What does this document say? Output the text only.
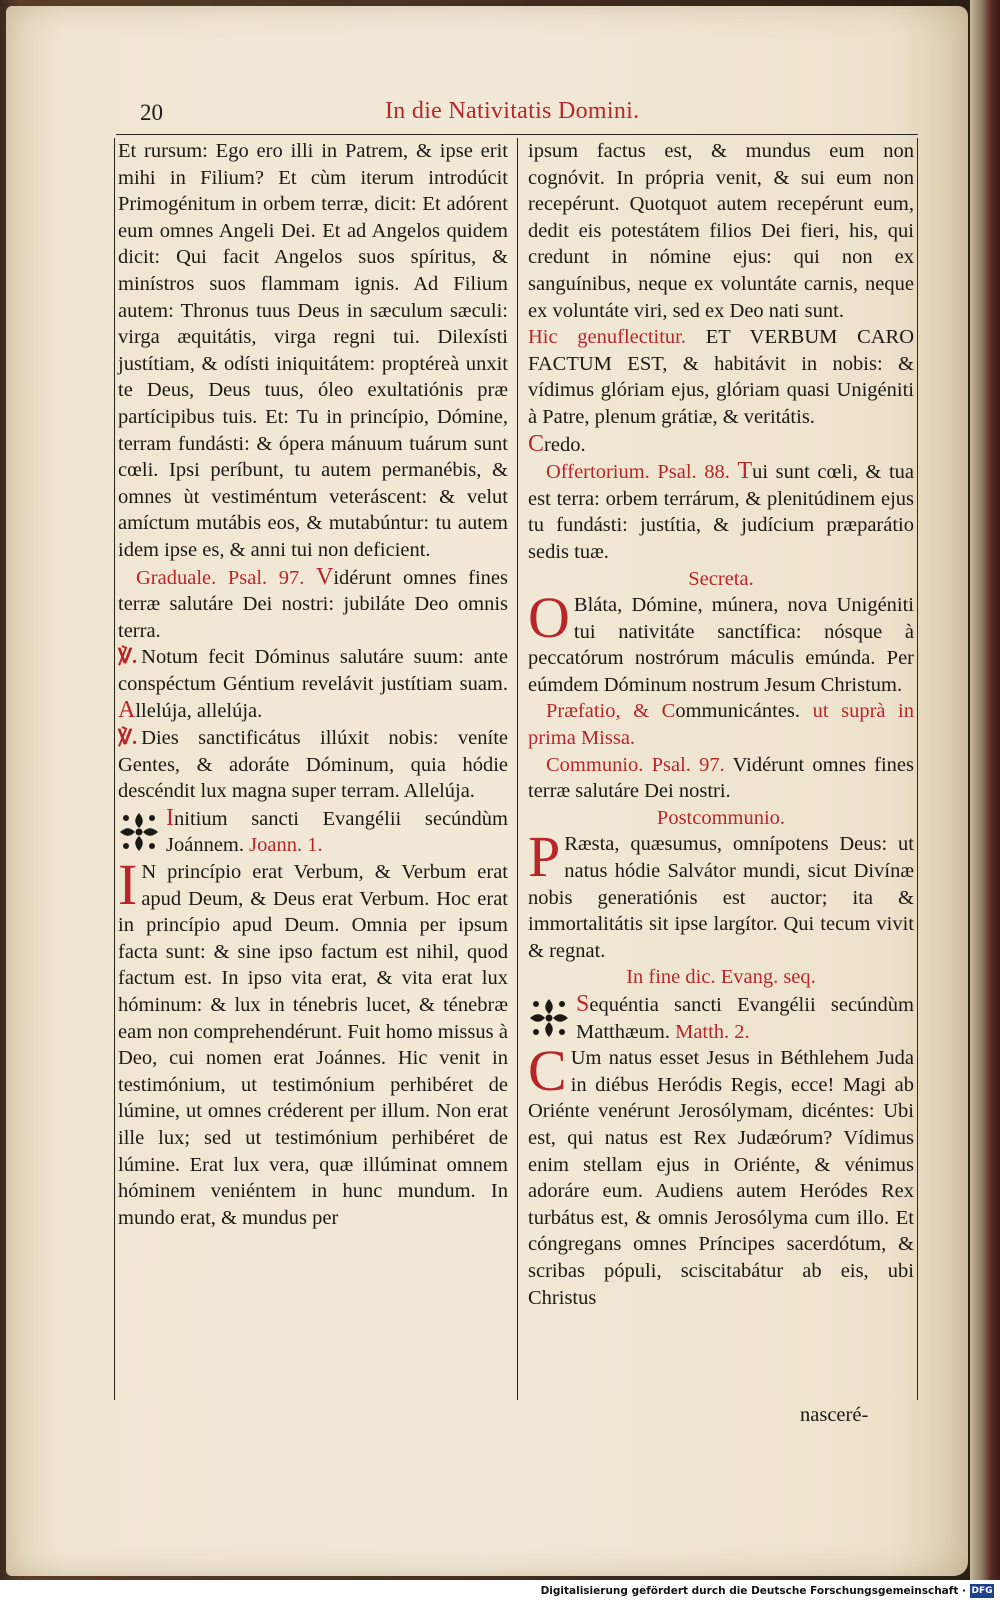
20	In die Nativitatis Domini.

Et rursum: Ego ero illi in Patrem, & ipse erit mihi in Filium? Et cùm iterum introdúcit Primogénitum in orbem terræ, dicit: Et adórent eum omnes Angeli Dei. Et ad Angelos quidem dicit: Qui facit Angelos suos spíritus, & minístros suos flammam ignis. Ad Filium autem: Thronus tuus Deus in sæculum sæculi: virga æquitátis, virga regni tui. Dilexísti justítiam, & odísti iniquitátem: proptéreà unxit te Deus, Deus tuus, óleo exultatiónis præ partícipibus tuis. Et: Tu in princípio, Dómine, terram fundásti: & ópera mánuum tuárum sunt cœli. Ipsi períbunt, tu autem permanébis, & omnes ùt vestiméntum veteráscent: & velut amíctum mutábis eos, & mutabúntur: tu autem idem ipse es, & anni tui non deficient.

Graduale. Psal. 97. Vidérunt omnes fines terræ salutáre Dei nostri: jubiláte Deo omnis terra.

℣. Notum fecit Dóminus salutáre suum: ante conspéctum Géntium revelávit justítiam suam. Allelúja, allelúja.

℣. Dies sanctificátus illúxit nobis: veníte Gentes, & adoráte Dóminum, quia hódie descéndit lux magna super terram. Allelúja.

Initium sancti Evangélii secúndùm Joánnem. Joann. 1.

I N princípio erat Verbum, & Verbum erat apud Deum, & Deus erat Verbum. Hoc erat in princípio apud Deum. Omnia per ipsum facta sunt: & sine ipso factum est nihil, quod factum est. In ipso vita erat, & vita erat lux hóminum: & lux in ténebris lucet, & ténebræ eam non comprehendérunt. Fuit homo missus à Deo, cui nomen erat Joánnes. Hic venit in testimónium, ut testimónium perhibéret de lúmine, ut omnes créderent per illum. Non erat ille lux; sed ut testimónium perhibéret de lúmine. Erat lux vera, quæ illúminat omnem hóminem veniéntem in hunc mundum. In mundo erat, & mundus per

ipsum factus est, & mundus eum non cognóvit. In própria venit, & sui eum non recepérunt. Quotquot autem recepérunt eum, dedit eis potestátem filios Dei fieri, his, qui credunt in nómine ejus: qui non ex sanguínibus, neque ex voluntáte carnis, neque ex voluntáte viri, sed ex Deo nati sunt.

Hic genuflectitur. ET VERBUM CARO FACTUM EST, & habitávit in nobis: & vídimus glóriam ejus, glóriam quasi Unigéniti à Patre, plenum grátiæ, & veritátis.

Credo.

Offertorium. Psal. 88. Tui sunt cœli, & tua est terra: orbem terrárum, & plenitúdinem ejus tu fundásti: justítia, & judícium præparátio sedis tuæ.

Secreta.

O Bláta, Dómine, múnera, nova Unigéniti tui nativitáte sanctífica: nósque à peccatórum nostrórum máculis emúnda. Per eúmdem Dóminum nostrum Jesum Christum.

Præfatio, & Communicántes. ut suprà in prima Missa.

Communio. Psal. 97. Vidérunt omnes fines terræ salutáre Dei nostri.

Postcommunio.

P Ræsta, quæsumus, omnípotens Deus: ut natus hódie Salvátor mundi, sicut Divínæ nobis generatiónis est auctor; ita & immortalitátis sit ipse largítor. Qui tecum vivit & regnat.

In fine dic. Evang. seq.

Sequéntia sancti Evangélii secúndùm Matthæum. Matth. 2.

C Um natus esset Jesus in Béthlehem Juda in diébus Heródis Regis, ecce! Magi ab Oriénte venérunt Jerosólymam, dicéntes: Ubi est, qui natus est Rex Judæórum? Vídimus enim stellam ejus in Oriénte, & vénimus adoráre eum. Audiens autem Heródes Rex turbátus est, & omnis Jerosólyma cum illo. Et cóngregans omnes Príncipes sacerdótum, & scribas pópuli, sciscitabátur ab eis, ubi Christus

nasceré-
Digitalisierung gefördert durch die Deutsche Forschungsgemeinschaft · DFG
